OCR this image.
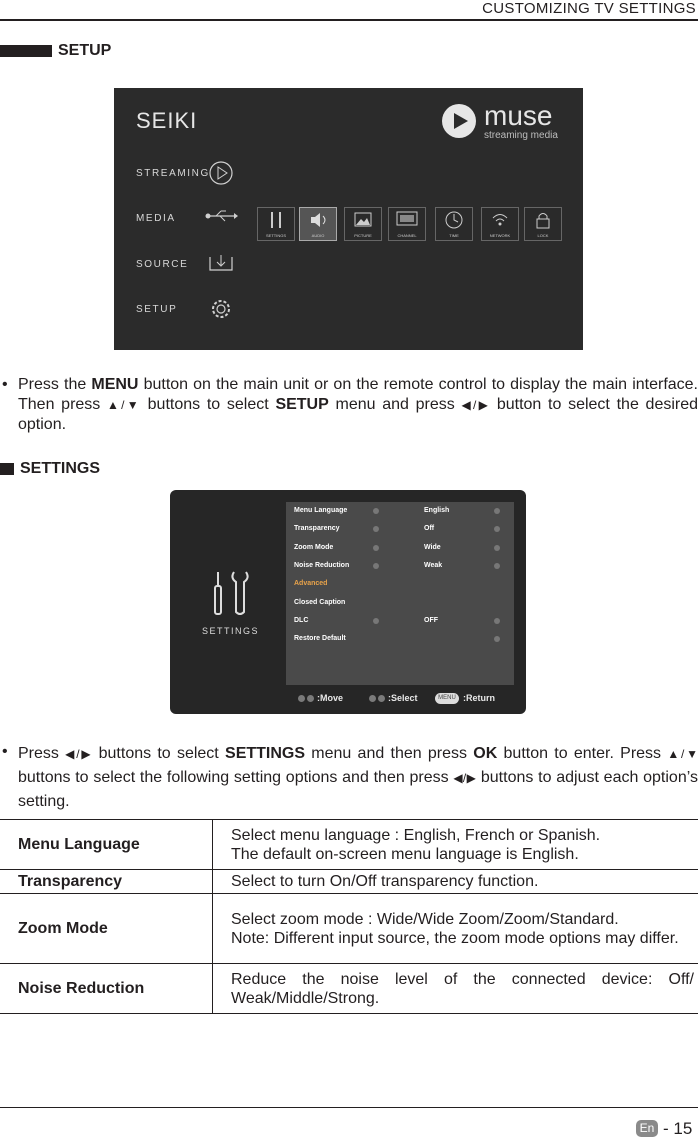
CUSTOMIZING TV SETTINGS
SETUP
SEIKI	muse
streaming media
STREAMING
MEDIA
SOURCE
SETUP
SETTINGS	AUDIO	PICTURE	CHANNEL	TIME	NETWORK	LOCK
• Press the MENU button on the main unit or on the remote control to display the main interface. Then press ▲/▼ buttons to select SETUP menu and press ◀/▶ button to select the desired option.
SETTINGS
SETTINGS
:Move	:Select	MENU :Return
Menu Language	English
Transparency	Off
Zoom Mode	Wide
Noise Reduction	Weak
Advanced
Closed Caption
DLC	OFF
Restore Default
• Press ◀/▶ buttons to select SETTINGS menu and then press OK button to enter. Press ▲/▼ buttons to select the following setting options and then press ◀/▶ buttons to adjust each option’s setting.
Menu Language	Select menu language : English, French or Spanish.
The default on-screen menu language is English.

Transparency	Select to turn On/Off transparency function.

Zoom Mode	Select zoom mode : Wide/Wide Zoom/Zoom/Standard.
Note: Different input source, the zoom mode options may differ.

Noise Reduction	Reduce the noise level of the connected device: Off/ Weak/Middle/Strong.
En - 15
